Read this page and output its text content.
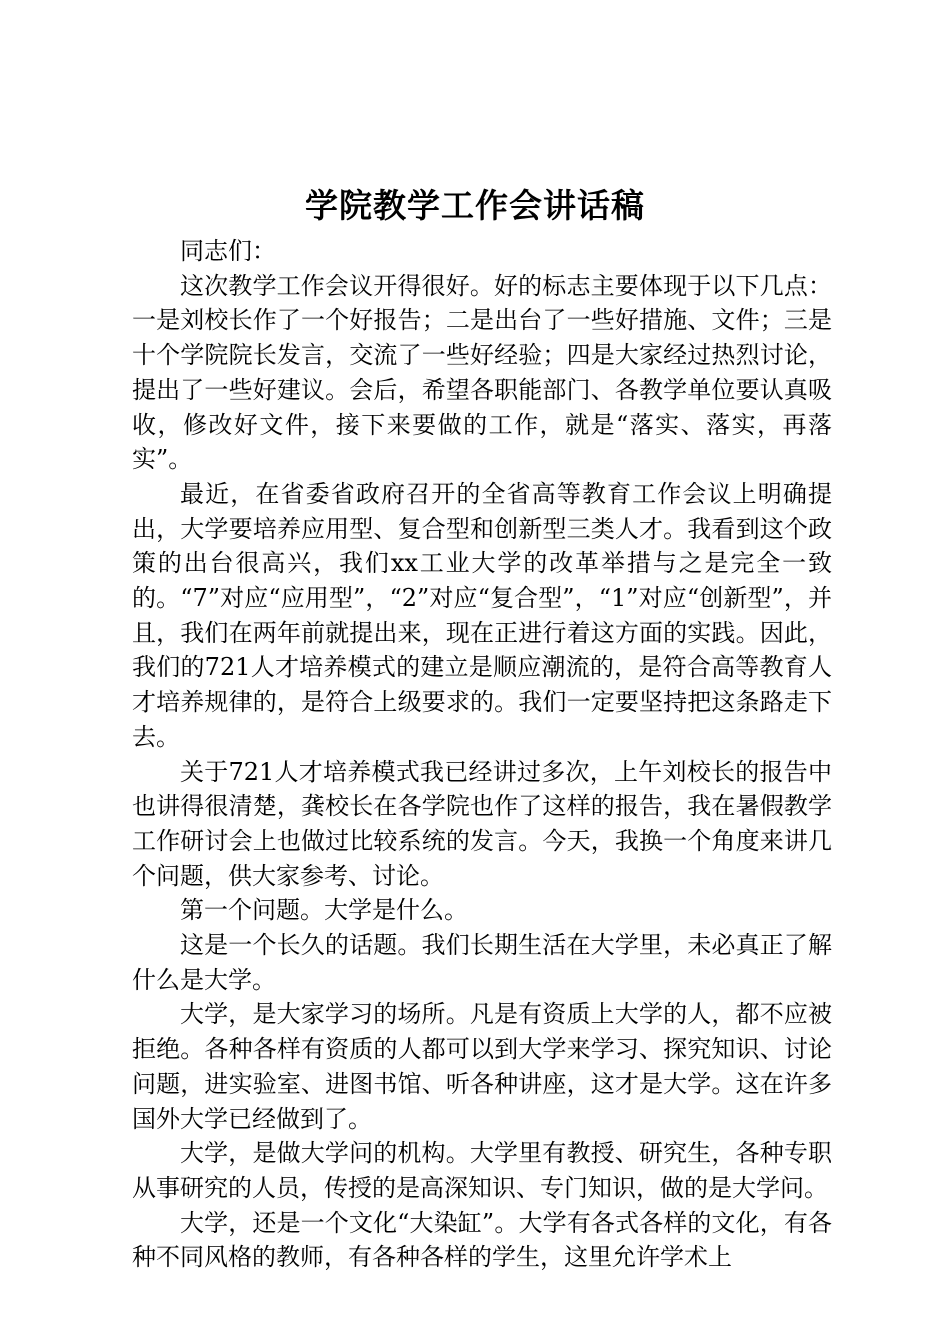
学院教学工作会讲话稿

同志们：

这次教学工作会议开得很好。好的标志主要体现于以下几点：一是刘校长作了一个好报告；二是出台了一些好措施、文件；三是十个学院院长发言，交流了一些好经验；四是大家经过热烈讨论，提出了一些好建议。会后，希望各职能部门、各教学单位要认真吸收，修改好文件，接下来要做的工作，就是“落实、落实，再落实”。

最近，在省委省政府召开的全省高等教育工作会议上明确提出，大学要培养应用型、复合型和创新型三类人才。我看到这个政策的出台很高兴，我们xx工业大学的改革举措与之是完全一致的。“7”对应“应用型”，“2”对应“复合型”，“1”对应“创新型”，并且，我们在两年前就提出来，现在正进行着这方面的实践。因此，我们的721人才培养模式的建立是顺应潮流的，是符合高等教育人才培养规律的，是符合上级要求的。我们一定要坚持把这条路走下去。

关于721人才培养模式我已经讲过多次，上午刘校长的报告中也讲得很清楚，龚校长在各学院也作了这样的报告，我在暑假教学工作研讨会上也做过比较系统的发言。今天，我换一个角度来讲几个问题，供大家参考、讨论。

第一个问题。大学是什么。

这是一个长久的话题。我们长期生活在大学里，未必真正了解什么是大学。

大学，是大家学习的场所。凡是有资质上大学的人，都不应被拒绝。各种各样有资质的人都可以到大学来学习、探究知识、讨论问题，进实验室、进图书馆、听各种讲座，这才是大学。这在许多国外大学已经做到了。

大学，是做大学问的机构。大学里有教授、研究生，各种专职从事研究的人员，传授的是高深知识、专门知识，做的是大学问。

大学，还是一个文化“大染缸”。大学有各式各样的文化，有各种不同风格的教师，有各种各样的学生，这里允许学术上
